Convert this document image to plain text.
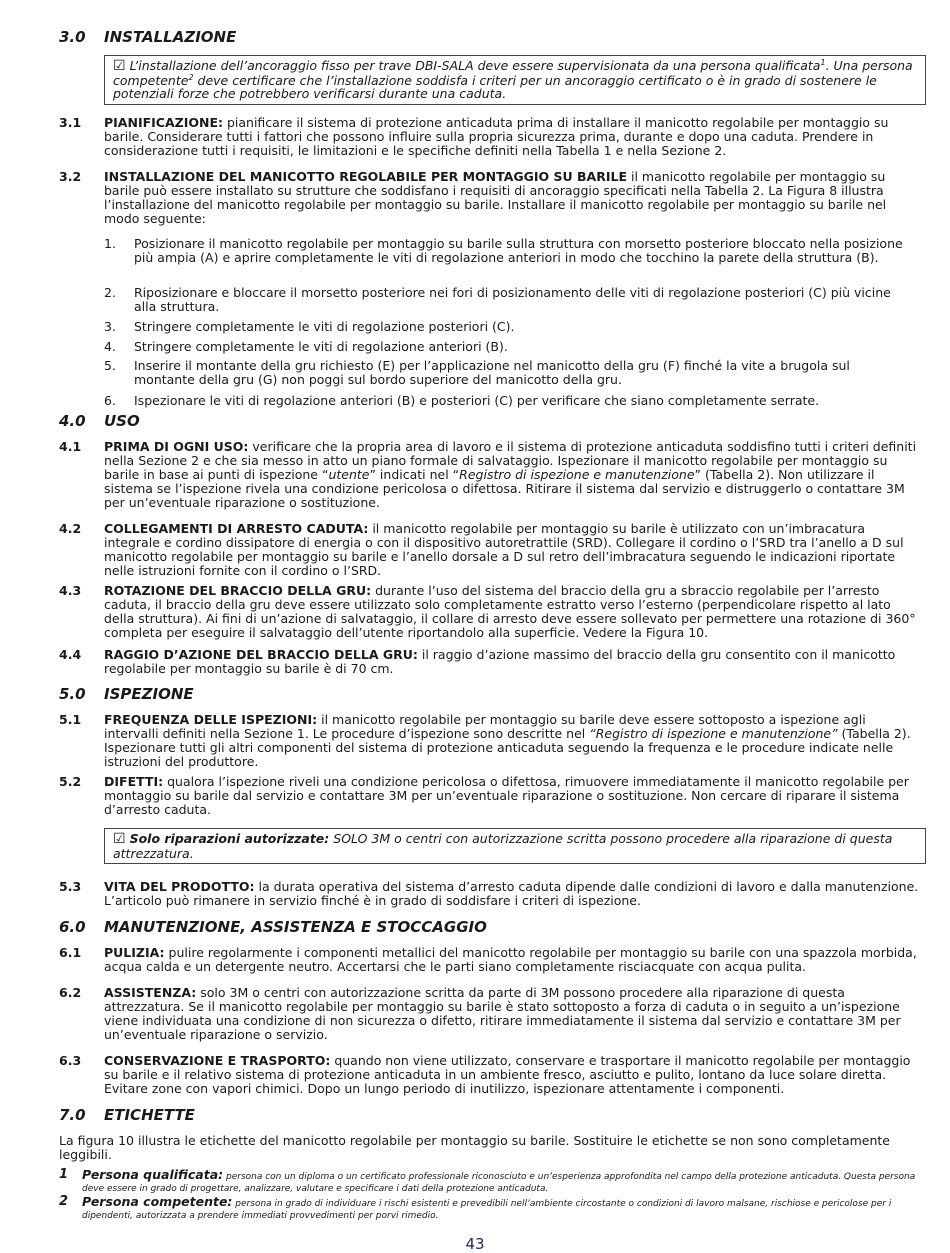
3.0 INSTALLAZIONE
☑ L’installazione dell’ancoraggio fisso per trave DBI-SALA deve essere supervisionata da una persona qualificata$^1$. Una persona competente$^2$ deve certificare che l’installazione soddisfa i criteri per un ancoraggio certificato o è in grado di sostenere le potenziali forze che potrebbero verificarsi durante una caduta.
3.1 PIANIFICAZIONE: pianificare il sistema di protezione anticaduta prima di installare il manicotto regolabile per montaggio su barile. Considerare tutti i fattori che possono influire sulla propria sicurezza prima, durante e dopo una caduta. Prendere in considerazione tutti i requisiti, le limitazioni e le specifiche definiti nella Tabella 1 e nella Sezione 2.
3.2 INSTALLAZIONE DEL MANICOTTO REGOLABILE PER MONTAGGIO SU BARILE il manicotto regolabile per montaggio su barile può essere installato su strutture che soddisfano i requisiti di ancoraggio specificati nella Tabella 2. La Figura 8 illustra l’installazione del manicotto regolabile per montaggio su barile. Installare il manicotto regolabile per montaggio su barile nel modo seguente:
1. Posizionare il manicotto regolabile per montaggio su barile sulla struttura con morsetto posteriore bloccato nella posizione più ampia (A) e aprire completamente le viti di regolazione anteriori in modo che tocchino la parete della struttura (B).
2. Riposizionare e bloccare il morsetto posteriore nei fori di posizionamento delle viti di regolazione posteriori (C) più vicine alla struttura.
3. Stringere completamente le viti di regolazione posteriori (C).
4. Stringere completamente le viti di regolazione anteriori (B).
5. Inserire il montante della gru richiesto (E) per l’applicazione nel manicotto della gru (F) finché la vite a brugola sul montante della gru (G) non poggi sul bordo superiore del manicotto della gru.
6. Ispezionare le viti di regolazione anteriori (B) e posteriori (C) per verificare che siano completamente serrate.
4.0 USO
4.1 PRIMA DI OGNI USO: verificare che la propria area di lavoro e il sistema di protezione anticaduta soddisfino tutti i criteri definiti nella Sezione 2 e che sia messo in atto un piano formale di salvataggio. Ispezionare il manicotto regolabile per montaggio su barile in base ai punti di ispezione “utente” indicati nel “Registro di ispezione e manutenzione” (Tabella 2). Non utilizzare il sistema se l’ispezione rivela una condizione pericolosa o difettosa. Ritirare il sistema dal servizio e distruggerlo o contattare 3M per un’eventuale riparazione o sostituzione.
4.2 COLLEGAMENTI DI ARRESTO CADUTA: il manicotto regolabile per montaggio su barile è utilizzato con un’imbracatura integrale e cordino dissipatore di energia o con il dispositivo autoretrattile (SRD). Collegare il cordino o l’SRD tra l’anello a D sul manicotto regolabile per montaggio su barile e l’anello dorsale a D sul retro dell’imbracatura seguendo le indicazioni riportate nelle istruzioni fornite con il cordino o l’SRD.
4.3 ROTAZIONE DEL BRACCIO DELLA GRU: durante l’uso del sistema del braccio della gru a sbraccio regolabile per l’arresto caduta, il braccio della gru deve essere utilizzato solo completamente estratto verso l’esterno (perpendicolare rispetto al lato della struttura). Ai fini di un’azione di salvataggio, il collare di arresto deve essere sollevato per permettere una rotazione di 360° completa per eseguire il salvataggio dell’utente riportandolo alla superficie. Vedere la Figura 10.
4.4 RAGGIO D’AZIONE DEL BRACCIO DELLA GRU: il raggio d’azione massimo del braccio della gru consentito con il manicotto regolabile per montaggio su barile è di 70 cm.
5.0 ISPEZIONE
5.1 FREQUENZA DELLE ISPEZIONI: il manicotto regolabile per montaggio su barile deve essere sottoposto a ispezione agli intervalli definiti nella Sezione 1. Le procedure d’ispezione sono descritte nel “Registro di ispezione e manutenzione” (Tabella 2). Ispezionare tutti gli altri componenti del sistema di protezione anticaduta seguendo la frequenza e le procedure indicate nelle istruzioni del produttore.
5.2 DIFETTI: qualora l’ispezione riveli una condizione pericolosa o difettosa, rimuovere immediatamente il manicotto regolabile per montaggio su barile dal servizio e contattare 3M per un’eventuale riparazione o sostituzione. Non cercare di riparare il sistema d’arresto caduta.
☑ Solo riparazioni autorizzate: SOLO 3M o centri con autorizzazione scritta possono procedere alla riparazione di questa attrezzatura.
5.3 VITA DEL PRODOTTO: la durata operativa del sistema d’arresto caduta dipende dalle condizioni di lavoro e dalla manutenzione. L’articolo può rimanere in servizio finché è in grado di soddisfare i criteri di ispezione.
6.0 MANUTENZIONE, ASSISTENZA E STOCCAGGIO
6.1 PULIZIA: pulire regolarmente i componenti metallici del manicotto regolabile per montaggio su barile con una spazzola morbida, acqua calda e un detergente neutro. Accertarsi che le parti siano completamente risciacquate con acqua pulita.
6.2 ASSISTENZA: solo 3M o centri con autorizzazione scritta da parte di 3M possono procedere alla riparazione di questa attrezzatura. Se il manicotto regolabile per montaggio su barile è stato sottoposto a forza di caduta o in seguito a un’ispezione viene individuata una condizione di non sicurezza o difetto, ritirare immediatamente il sistema dal servizio e contattare 3M per un’eventuale riparazione o servizio.
6.3 CONSERVAZIONE E TRASPORTO: quando non viene utilizzato, conservare e trasportare il manicotto regolabile per montaggio su barile e il relativo sistema di protezione anticaduta in un ambiente fresco, asciutto e pulito, lontano da luce solare diretta. Evitare zone con vapori chimici. Dopo un lungo periodo di inutilizzo, ispezionare attentamente i componenti.
7.0 ETICHETTE
La figura 10 illustra le etichette del manicotto regolabile per montaggio su barile. Sostituire le etichette se non sono completamente leggibili.
1 Persona qualificata: persona con un diploma o un certificato professionale riconosciuto e un’esperienza approfondita nel campo della protezione anticaduta. Questa persona deve essere in grado di progettare, analizzare, valutare e specificare i dati della protezione anticaduta.
2 Persona competente: persona in grado di individuare i rischi esistenti e prevedibili nell’ambiente circostante o condizioni di lavoro malsane, rischiose e pericolose per i dipendenti, autorizzata a prendere immediati provvedimenti per porvi rimedio.
43
